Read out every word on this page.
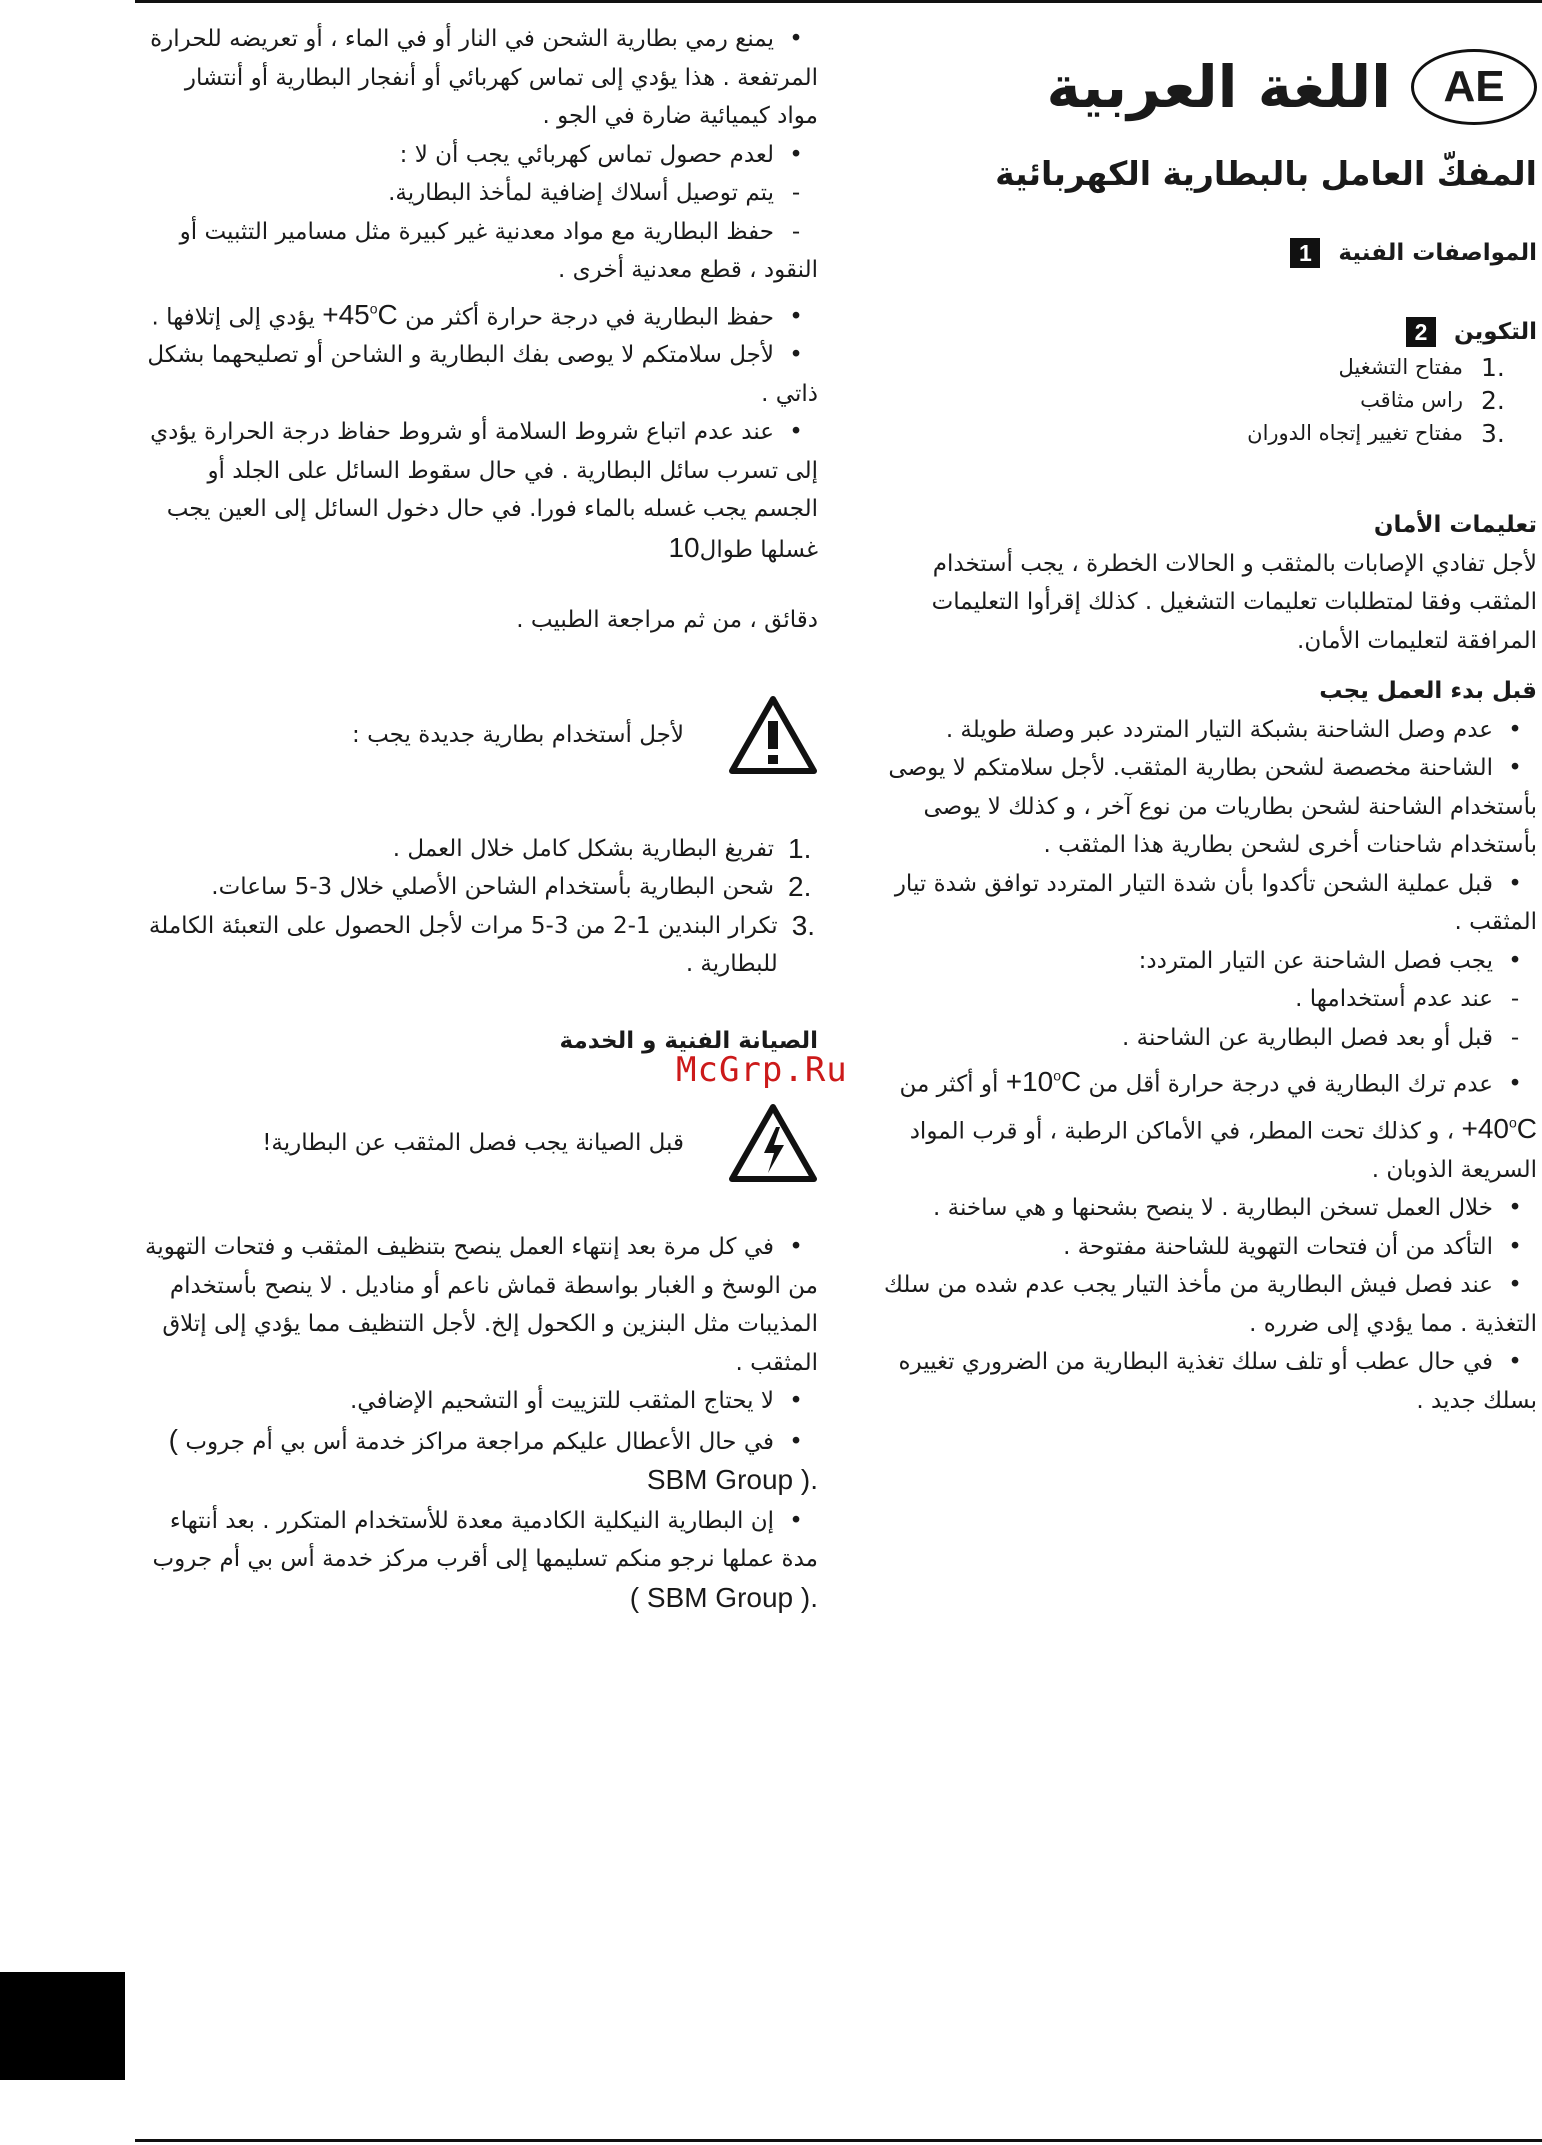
AE
اللغة العربية
المفكّ العامل بالبطارية الكهربائية
المواصفات الفنية
1
التكوين
2
1.
مفتاح التشغيل
2.
راس مثاقب
3.
مفتاح تغيير إتجاه الدوران
تعليمات الأمان

لأجل تفادي الإصابات بالمثقب و الحالات الخطرة ، يجب أستخدام المثقب وفقا لمتطلبات تعليمات التشغيل . كذلك إقرأوا التعليمات المرافقة لتعليمات الأمان.

قبل بدء العمل يجب

•عدم وصل الشاحنة بشبكة التيار المتردد عبر وصلة طويلة .

•الشاحنة مخصصة لشحن بطارية المثقب. لأجل سلامتكم لا يوصى بأستخدام الشاحنة لشحن بطاريات من نوع آخر ، و كذلك لا يوصى بأستخدام شاحنات أخرى لشحن بطارية هذا المثقب .

•قبل عملية الشحن تأكدوا بأن شدة التيار المتردد توافق شدة تيار المثقب .

•يجب فصل الشاحنة عن التيار المتردد:

-عند عدم أستخدامها .

-قبل أو بعد فصل البطارية عن الشاحنة .

•عدم ترك البطارية في درجة حرارة أقل من $+10^oC$ أو أكثر من $+40^oC$ ، و كذلك تحت المطر، في الأماكن الرطبة ، أو قرب المواد السريعة الذوبان .

•خلال العمل تسخن البطارية . لا ينصح بشحنها و هي ساخنة .

•التأكد من أن فتحات التهوية للشاحنة مفتوحة .

•عند فصل فيش البطارية من مأخذ التيار يجب عدم شده من سلك التغذية . مما يؤدي إلى ضرره .

•في حال عطب أو تلف سلك تغذية البطارية من الضروري تغييره بسلك جديد .

•يمنع رمي بطارية الشحن في النار أو في الماء ، أو تعريضه للحرارة المرتفعة . هذا يؤدي إلى تماس كهربائي أو أنفجار البطارية أو أنتشار مواد كيميائية ضارة في الجو .

•لعدم حصول تماس كهربائي يجب أن لا :

-يتم توصيل أسلاك إضافية لمأخذ البطارية.

-حفظ البطارية مع مواد معدنية غير كبيرة مثل مسامير التثبيت أو النقود ، قطع معدنية أخرى .

•حفظ البطارية في درجة حرارة أكثر من $+45^oC$ يؤدي إلى إتلافها .

•لأجل سلامتكم لا يوصى بفك البطارية و الشاحن أو تصليحهما بشكل ذاتي .

•عند عدم اتباع شروط السلامة أو شروط حفاظ درجة الحرارة يؤدي إلى تسرب سائل البطارية . في حال سقوط السائل على الجلد أو الجسم يجب غسله بالماء فورا. في حال دخول السائل إلى العين يجب غسلها طوال10

دقائق ، من ثم مراجعة الطبيب .

لأجل أستخدام بطارية جديدة يجب :
1.
تفريغ البطارية بشكل كامل خلال العمل .
2.
شحن البطارية بأستخدام الشاحن الأصلي خلال 3-5 ساعات.
3.
تكرار البندين 1-2 من 3-5 مرات لأجل الحصول على التعبئة الكاملة للبطارية .
الصيانة الفنية و الخدمة
قبل الصيانة يجب فصل المثقب عن البطارية!

•في كل مرة بعد إنتهاء العمل ينصح بتنظيف المثقب و فتحات التهوية من الوسخ و الغبار بواسطة قماش ناعم أو مناديل . لا ينصح بأستخدام المذيبات مثل البنزين و الكحول إلخ. لأجل التنظيف مما يؤدي إلى إتلاق المثقب .

•لا يحتاج المثقب للتزييت أو التشحيم الإضافي.

•في حال الأعطال عليكم مراجعة مراكز خدمة أس بي أم جروب ( SBM Group ).

•إن البطارية النيكلية الكادمية معدة للأستخدام المتكرر . بعد أنتهاء مدة عملها نرجو منكم تسليمها إلى أقرب مركز خدمة أس بي أم جروب ( SBM Group ).

McGrp.Ru
